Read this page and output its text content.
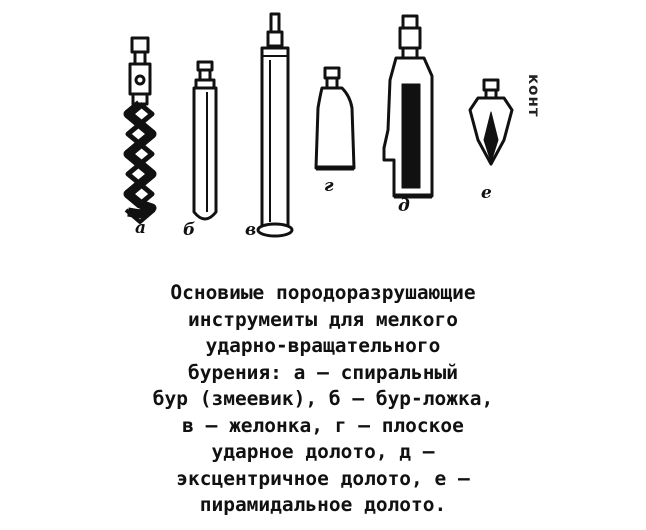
а б	в
г
д
е
конт
Основиые породоразрушающие
инструмеиты для мелкого
ударно-вращательного
бурения: а — спиральный
бур (змеевик), б — бур-ложка,
в — желонка, г — плоское
ударное долото, д —
эксцентричное долото, е —
пирамидальное долото.
